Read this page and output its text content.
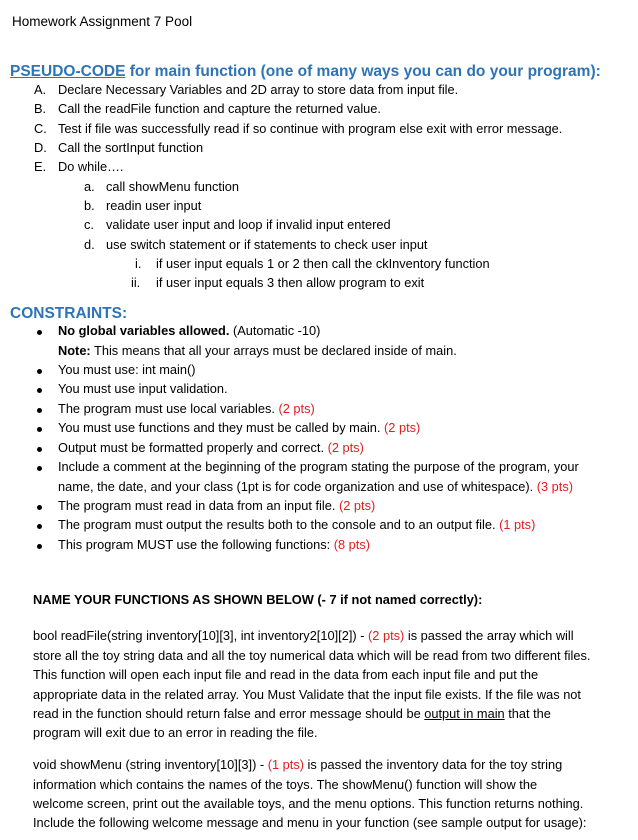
Homework Assignment 7 Pool
PSEUDO-CODE for main function (one of many ways you can do your program):
A. Declare Necessary Variables and 2D array to store data from input file.
B. Call the readFile function and capture the returned value.
C. Test if file was successfully read if so continue with program else exit with error message.
D. Call the sortInput function
E. Do while….
a. call showMenu function
b. readin user input
c. validate user input and loop if invalid input entered
d. use switch statement or if statements to check user input
i. if user input equals 1 or 2 then call the ckInventory function
ii. if user input equals 3 then allow program to exit
CONSTRAINTS:
No global variables allowed. (Automatic -10)
Note: This means that all your arrays must be declared inside of main.
You must use: int main()
You must use input validation.
The program must use local variables. (2 pts)
You must use functions and they must be called by main. (2 pts)
Output must be formatted properly and correct. (2 pts)
Include a comment at the beginning of the program stating the purpose of the program, your
name, the date, and your class (1pt is for code organization and use of whitespace). (3 pts)
The program must read in data from an input file. (2 pts)
The program must output the results both to the console and to an output file. (1 pts)
This program MUST use the following functions: (8 pts)
NAME YOUR FUNCTIONS AS SHOWN BELOW (- 7 if not named correctly):
bool readFile(string inventory[10][3], int inventory2[10][2]) - (2 pts) is passed the array which will
store all the toy string data and all the toy numerical data which will be read from two different files.
This function will open each input file and read in the data from each input file and put the
appropriate data in the related array. You Must Validate that the input file exists. If the file was not
read in the function should return false and error message should be output in main that the
program will exit due to an error in reading the file.
void showMenu (string inventory[10][3]) - (1 pts) is passed the inventory data for the toy string
information which contains the names of the toys. The showMenu() function will show the
welcome screen, print out the available toys, and the menu options. This function returns nothing.
Include the following welcome message and menu in your function (see sample output for usage):
